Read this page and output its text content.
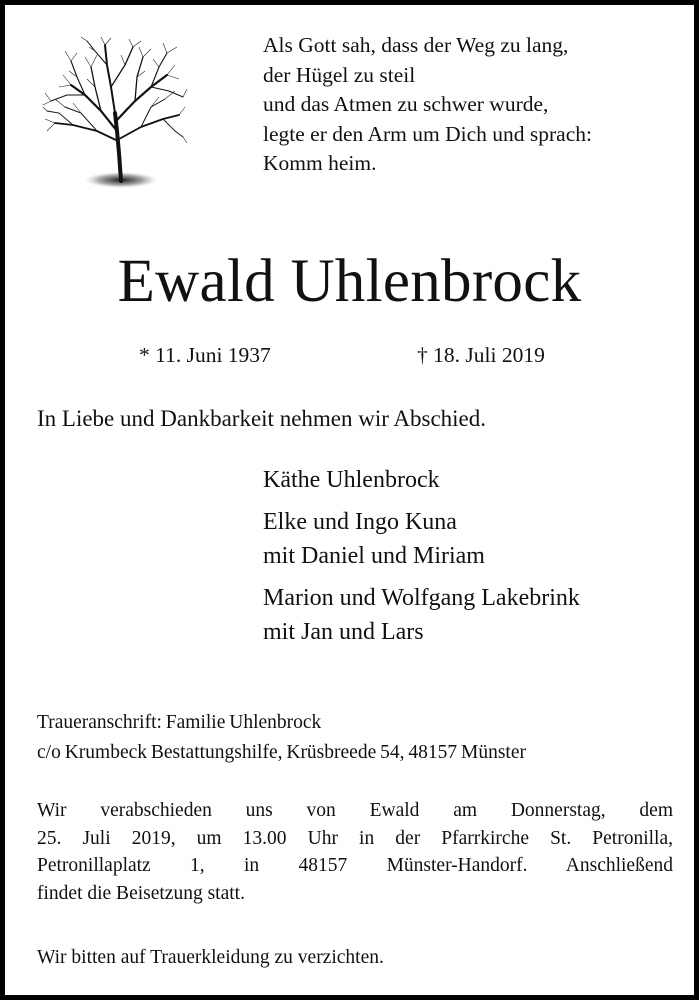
Als Gott sah, dass der Weg zu lang,
der Hügel zu steil
und das Atmen zu schwer wurde,
legte er den Arm um Dich und sprach:
Komm heim.
Ewald Uhlenbrock
* 11. Juni 1937	† 18. Juli 2019
In Liebe und Dankbarkeit nehmen wir Abschied.
Käthe Uhlenbrock
Elke und Ingo Kuna
mit Daniel und Miriam
Marion und Wolfgang Lakebrink
mit Jan und Lars
Traueranschrift: Familie Uhlenbrock
c/o Krumbeck Bestattungshilfe, Krüsbreede 54, 48157 Münster
Wir verabschieden uns von Ewald am Donnerstag, dem
25. Juli 2019, um 13.00 Uhr in der Pfarrkirche St. Petronilla,
Petronillaplatz 1, in 48157 Münster-Handorf. Anschließend
findet die Beisetzung statt.
Wir bitten auf Trauerkleidung zu verzichten.
